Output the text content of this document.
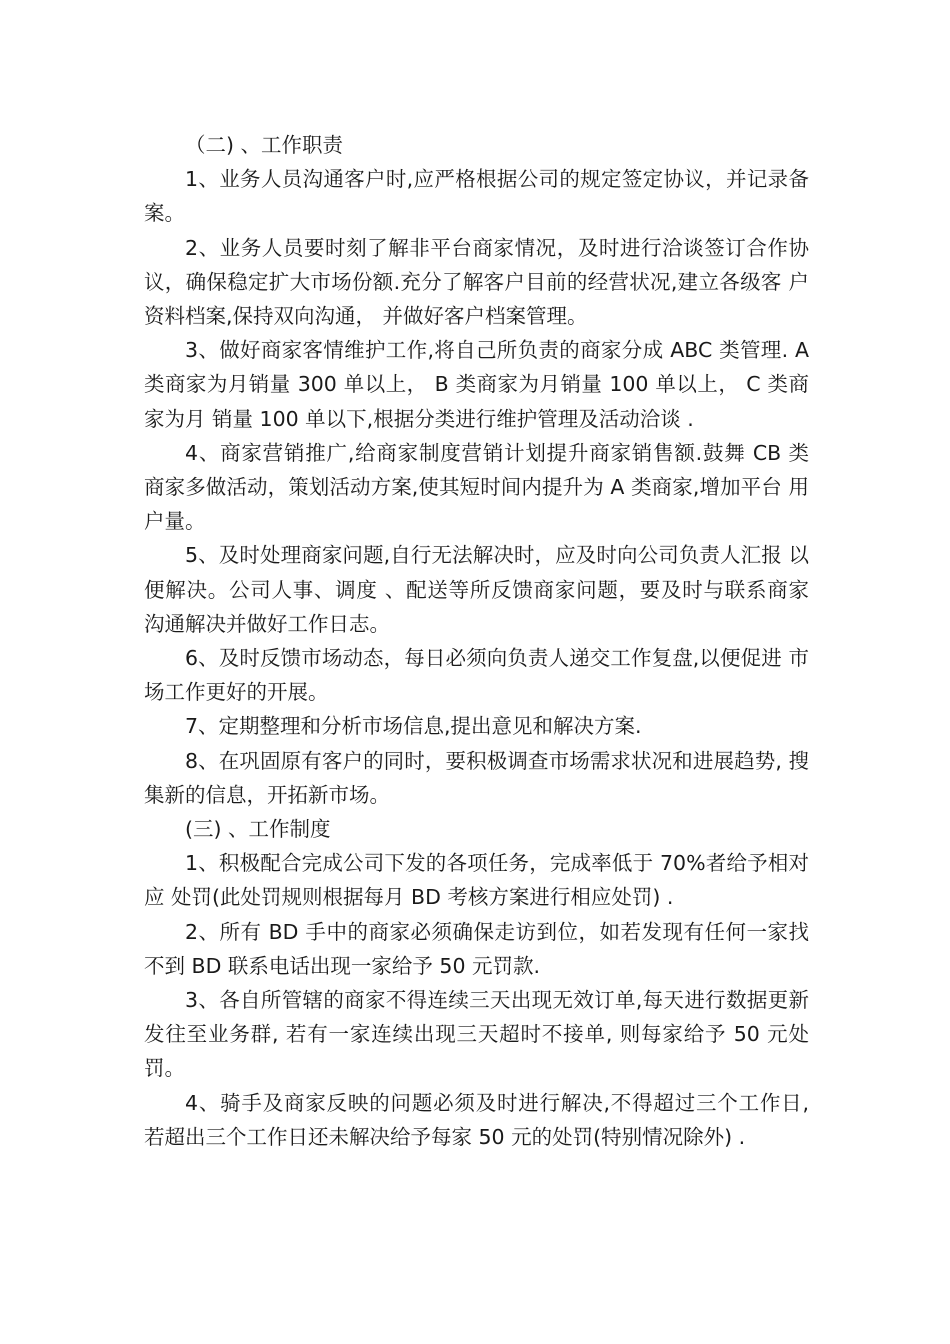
（二) 、工作职责

1、业务人员沟通客户时,应严格根据公司的规定签定协议，并记录备案。

2、业务人员要时刻了解非平台商家情况，及时进行洽谈签订合作协 议，确保稳定扩大市场份额.充分了解客户目前的经营状况,建立各级客 户资料档案,保持双向沟通， 并做好客户档案管理。

3、做好商家客情维护工作,将自己所负责的商家分成 ABC 类管理. A 类商家为月销量 300 单以上， B 类商家为月销量 100 单以上， C 类商家为月 销量 100 单以下,根据分类进行维护管理及活动洽谈 .

4、商家营销推广,给商家制度营销计划提升商家销售额.鼓舞 CB 类 商家多做活动，策划活动方案,使其短时间内提升为 A 类商家,增加平台 用户量。

5、及时处理商家问题,自行无法解决时，应及时向公司负责人汇报 以便解决。公司人事、调度 、配送等所反馈商家问题，要及时与联系商家 沟通解决并做好工作日志。

6、及时反馈市场动态，每日必须向负责人递交工作复盘,以便促进 市场工作更好的开展。

7、定期整理和分析市场信息,提出意见和解决方案.

8、在巩固原有客户的同时，要积极调查市场需求状况和进展趋势, 搜集新的信息，开拓新市场。

(三) 、工作制度

1、积极配合完成公司下发的各项任务，完成率低于 70%者给予相对应 处罚(此处罚规则根据每月 BD 考核方案进行相应处罚) .

2、所有 BD 手中的商家必须确保走访到位，如若发现有任何一家找不到 BD 联系电话出现一家给予 50 元罚款.

3、各自所管辖的商家不得连续三天出现无效订单,每天进行数据更新 发往至业务群, 若有一家连续出现三天超时不接单, 则每家给予 50 元处罚。

4、骑手及商家反映的问题必须及时进行解决,不得超过三个工作日, 若超出三个工作日还未解决给予每家 50 元的处罚(特别情况除外) .
